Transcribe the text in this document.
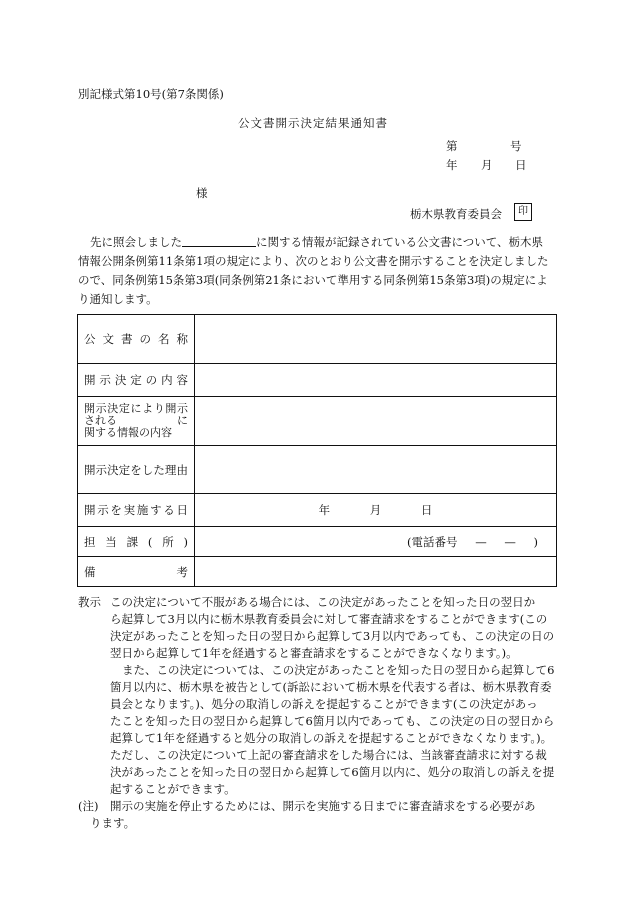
別記様式第10号(第7条関係)
公文書開示決定結果通知書
第	号
年 月 日
様
栃木県教育委員会	印
先に照会しました	に関する情報が記録されている公文書について、栃木県
情報公開条例第11条第1項の規定により、次のとおり公文書を開示することを決定しました
ので、同条例第15条第3項(同条例第21条において準用する同条例第15条第3項)の規定によ
り通知します。
公文書の名称	
開示決定の内容	

開示決定により開示
される に
関する情報の内容	

開示決定をした理由	
開示を実施する日	年 月 日
担当課(所)	(電話番号 — — )
備考	
教示 この決定について不服がある場合には、この決定があったことを知った日の翌日か
ら起算して3月以内に栃木県教育委員会に対して審査請求をすることができます(この
決定があったことを知った日の翌日から起算して3月以内であっても、この決定の日の
翌日から起算して1年を経過すると審査請求をすることができなくなります。)。
また、この決定については、この決定があったことを知った日の翌日から起算して6
箇月以内に、栃木県を被告として(訴訟において栃木県を代表する者は、栃木県教育委
員会となります。)、処分の取消しの訴えを提起することができます(この決定があっ
たことを知った日の翌日から起算して6箇月以内であっても、この決定の日の翌日から
起算して1年を経過すると処分の取消しの訴えを提起することができなくなります。)。
ただし、この決定について上記の審査請求をした場合には、当該審査請求に対する裁
決があったことを知った日の翌日から起算して6箇月以内に、処分の取消しの訴えを提
起することができます。
(注)	開示の実施を停止するためには、開示を実施する日までに審査請求をする必要があ
ります。
